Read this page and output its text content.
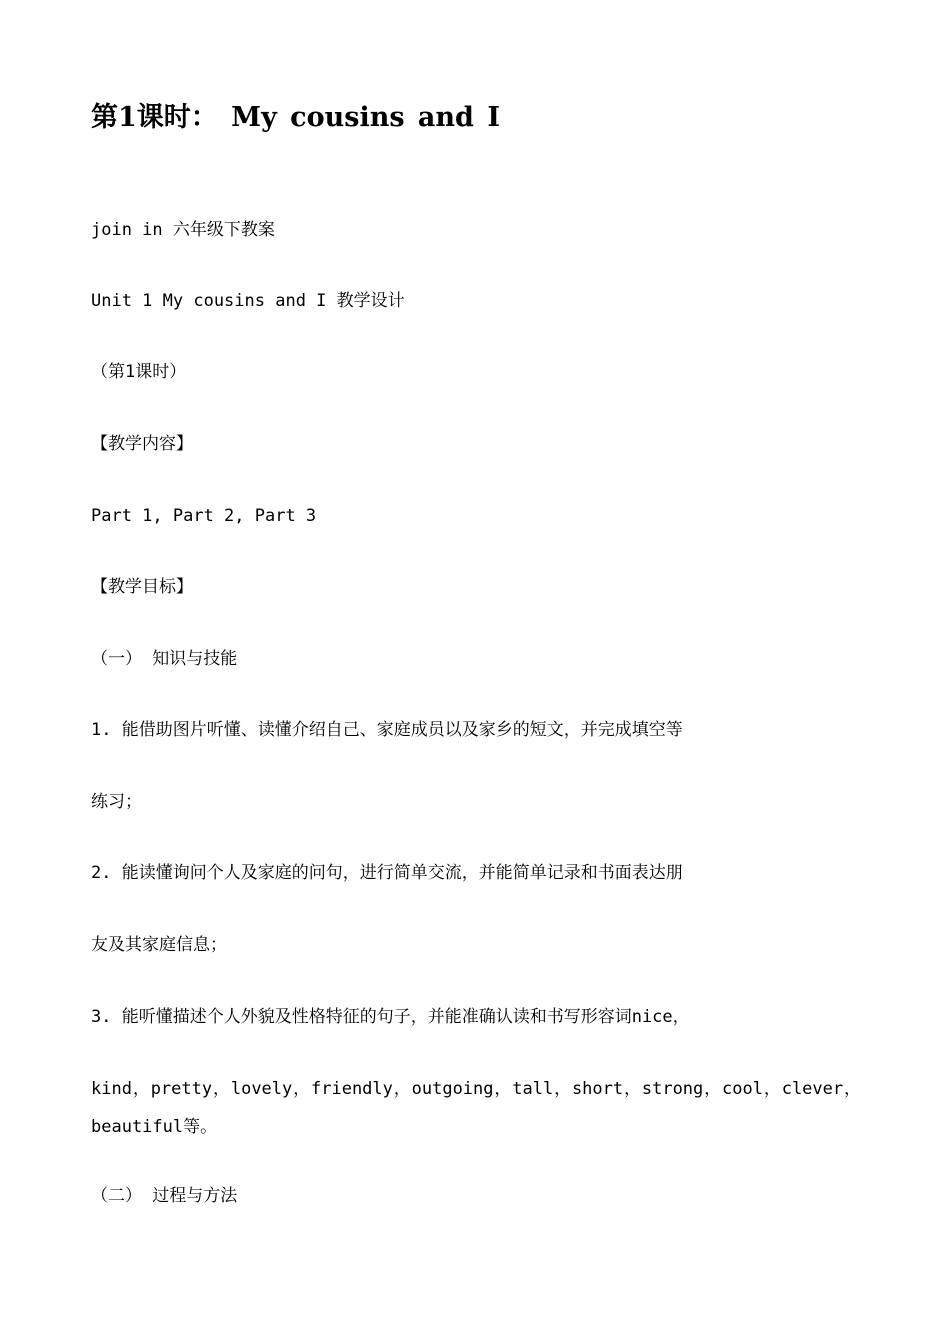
第1课时： My cousins and I
join in 六年级下教案
Unit 1 My cousins and I 教学设计
（第1课时）
【教学内容】
Part 1, Part 2, Part 3
【教学目标】
（一） 知识与技能
1. 能借助图片听懂、读懂介绍自己、家庭成员以及家乡的短文，并完成填空等
练习；
2. 能读懂询问个人及家庭的问句，进行简单交流，并能简单记录和书面表达朋
友及其家庭信息；
3. 能听懂描述个人外貌及性格特征的句子，并能准确认读和书写形容词nice，
kind，pretty，lovely，friendly，outgoing，tall，short，strong，cool，clever，beautiful等。
（二） 过程与方法
